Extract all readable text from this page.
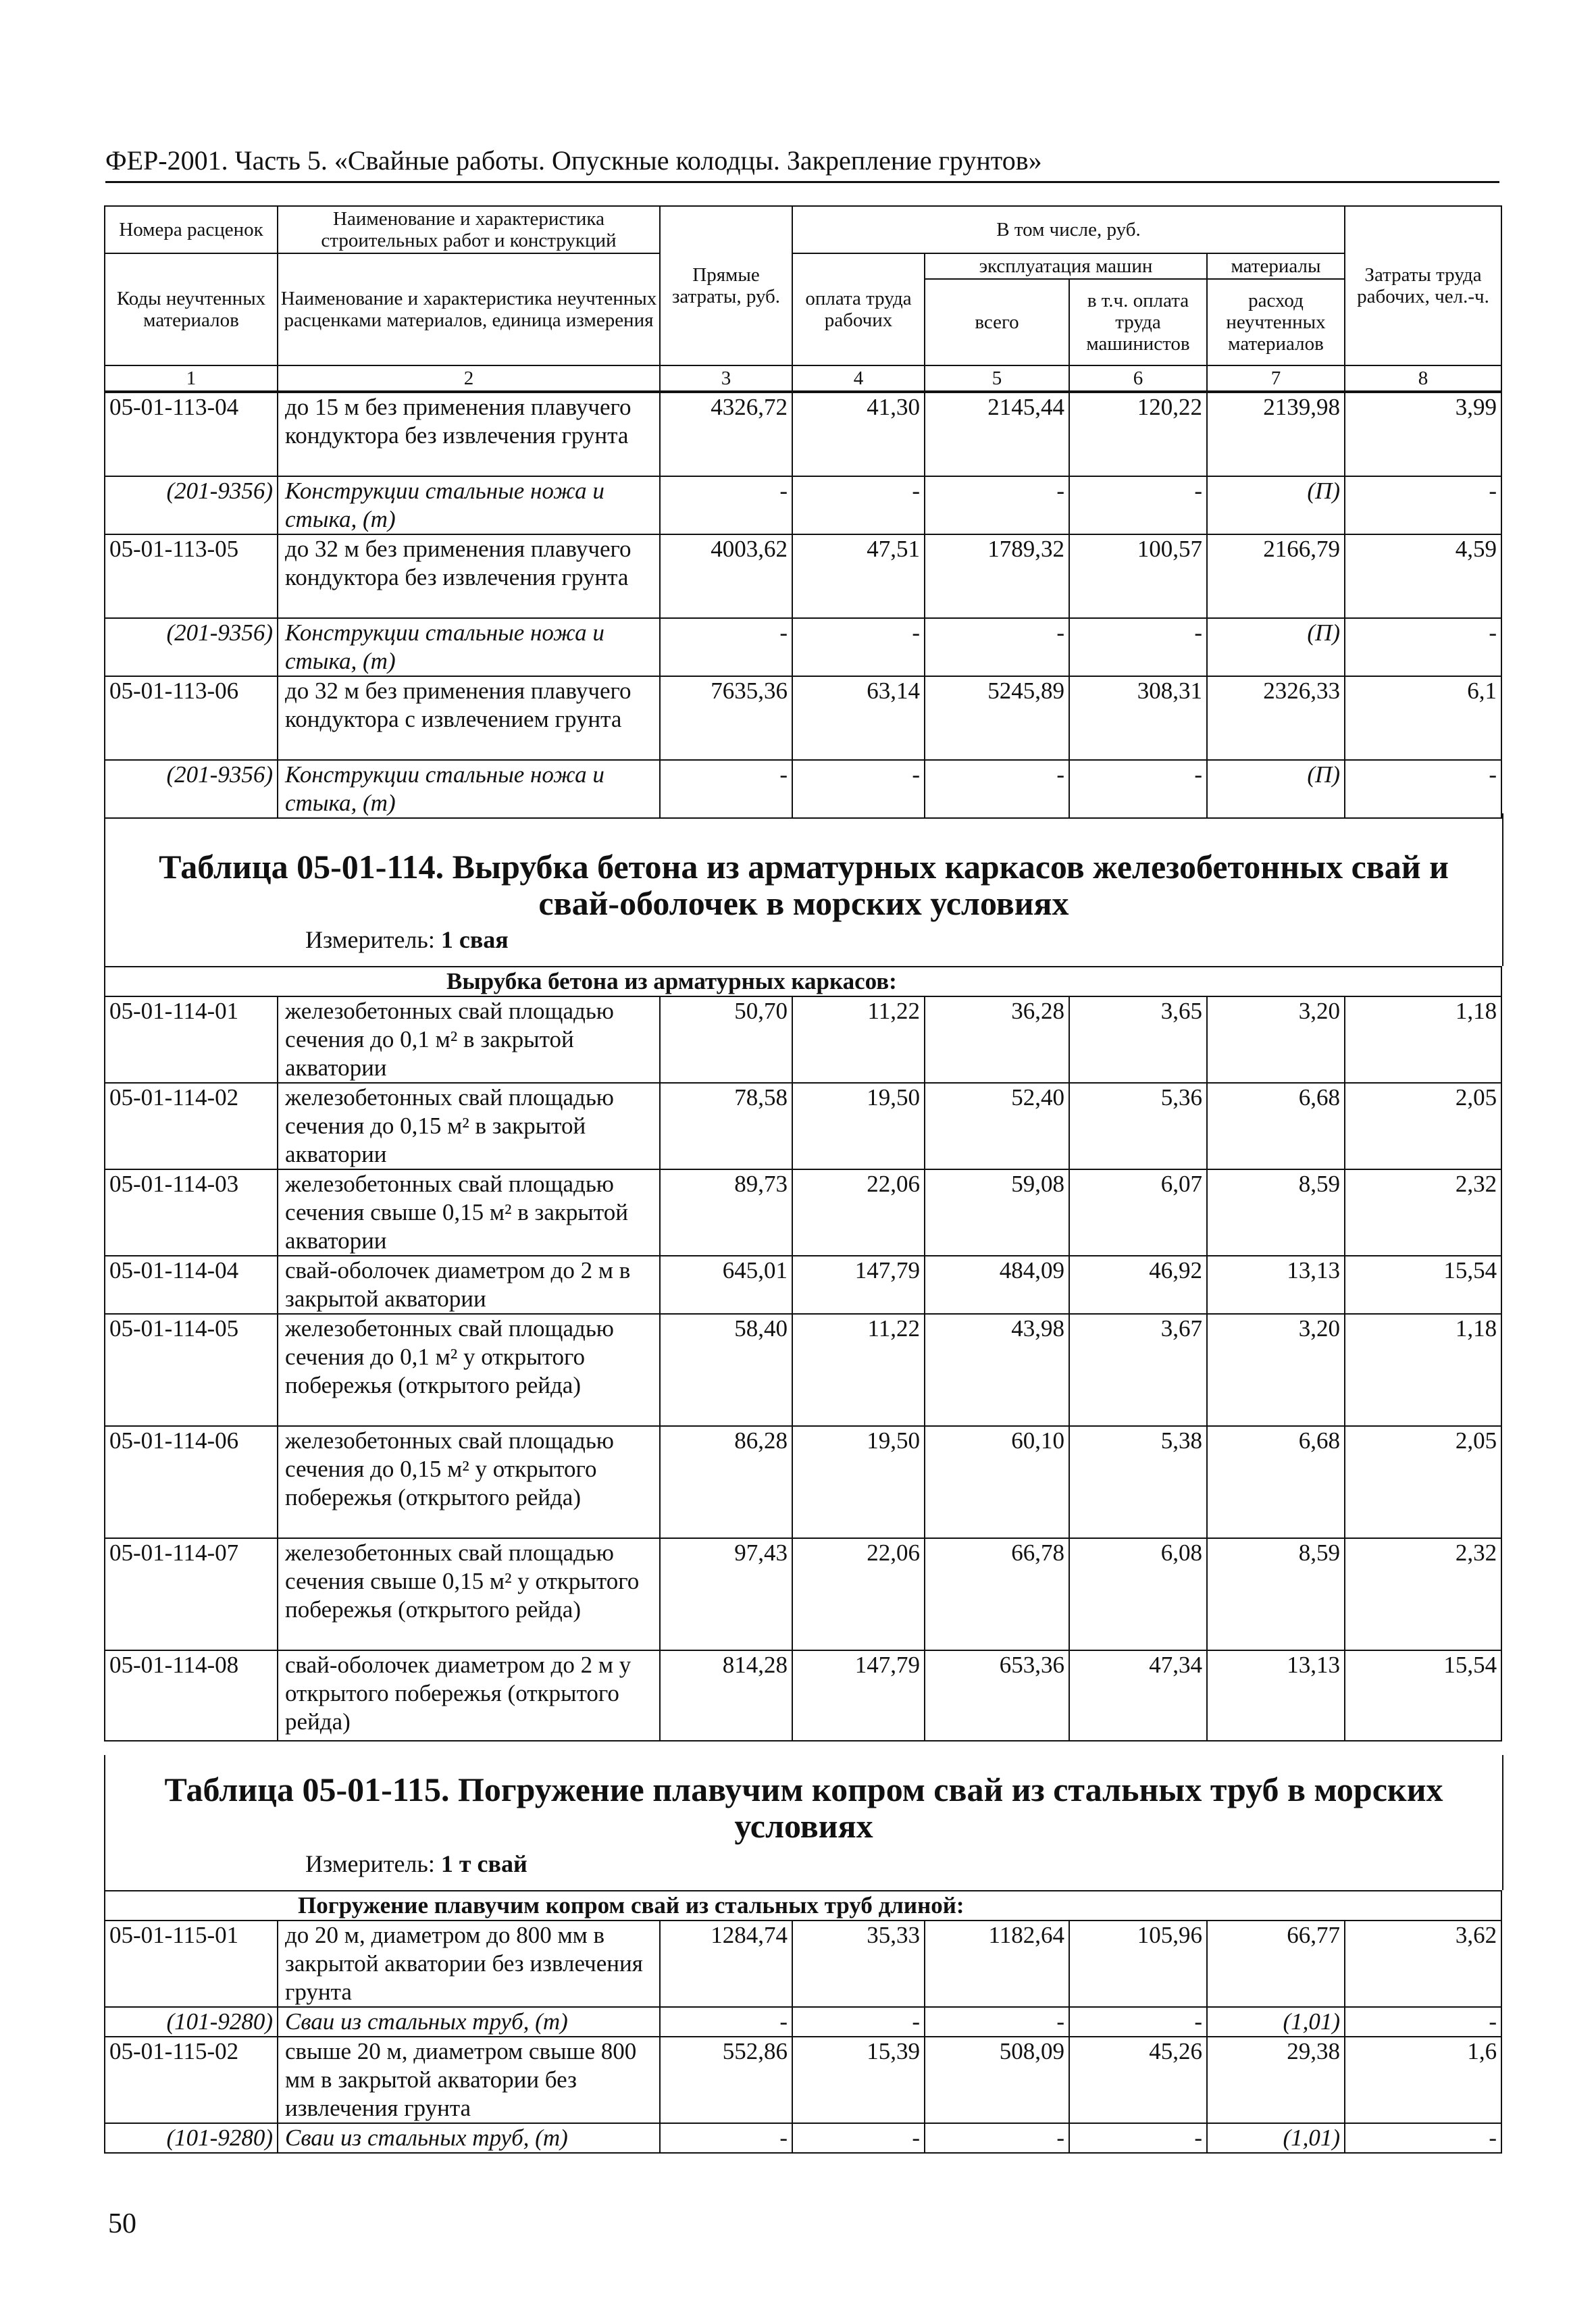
ФЕР-2001. Часть 5. «Свайные работы. Опускные колодцы. Закрепление грунтов»
Номера расценок	Наименование и характеристика строительных работ и конструкций	Прямые затраты, руб.	В том числе, руб.				Затраты труда рабочих, чел.-ч.
Коды неучтенных материалов	Наименование и характеристика неучтенных расценками материалов, единица измерения		оплата труда рабочих	эксплуатация машин		материалы	
				всего	в т.ч. оплата труда машинистов	расход неучтенных материалов	
1	2	3	4	5	6	7	8
05-01-113-04	до 15 м без применения плавучего кондуктора без извлечения грунта	4326,72	41,30	2145,44	120,22	2139,98	3,99
(201-9356)	Конструкции стальные ножа и стыка, (т)	-	-	-	-	(П)	-
05-01-113-05	до 32 м без применения плавучего кондуктора без извлечения грунта	4003,62	47,51	1789,32	100,57	2166,79	4,59
(201-9356)	Конструкции стальные ножа и стыка, (т)	-	-	-	-	(П)	-
05-01-113-06	до 32 м без применения плавучего кондуктора с извлечением грунта	7635,36	63,14	5245,89	308,31	2326,33	6,1
(201-9356)	Конструкции стальные ножа и стыка, (т)	-	-	-	-	(П)	-
Таблица 05-01-114. Вырубка бетона из арматурных каркасов железобетонных свай и свай-оболочек в морских условиях
Измеритель: 1 свая
	Вырубка бетона из арматурных каркасов:						
05-01-114-01	железобетонных свай площадью сечения до 0,1 м² в закрытой акватории	50,70	11,22	36,28	3,65	3,20	1,18
05-01-114-02	железобетонных свай площадью сечения до 0,15 м² в закрытой акватории	78,58	19,50	52,40	5,36	6,68	2,05
05-01-114-03	железобетонных свай площадью сечения свыше 0,15 м² в закрытой акватории	89,73	22,06	59,08	6,07	8,59	2,32
05-01-114-04	свай-оболочек диаметром до 2 м в закрытой акватории	645,01	147,79	484,09	46,92	13,13	15,54
05-01-114-05	железобетонных свай площадью сечения до 0,1 м² у открытого побережья (открытого рейда)	58,40	11,22	43,98	3,67	3,20	1,18
05-01-114-06	железобетонных свай площадью сечения до 0,15 м² у открытого побережья (открытого рейда)	86,28	19,50	60,10	5,38	6,68	2,05
05-01-114-07	железобетонных свай площадью сечения свыше 0,15 м² у открытого побережья (открытого рейда)	97,43	22,06	66,78	6,08	8,59	2,32
05-01-114-08	свай-оболочек диаметром до 2 м у открытого побережья (открытого рейда)	814,28	147,79	653,36	47,34	13,13	15,54
Таблица 05-01-115. Погружение плавучим копром свай из стальных труб в морских условиях
Измеритель: 1 т свай
	Погружение плавучим копром свай из стальных труб длиной:						
05-01-115-01	до 20 м, диаметром до 800 мм в закрытой акватории без извлечения грунта	1284,74	35,33	1182,64	105,96	66,77	3,62
(101-9280)	Сваи из стальных труб, (т)	-	-	-	-	(1,01)	-
05-01-115-02	свыше 20 м, диаметром свыше 800 мм в закрытой акватории без извлечения грунта	552,86	15,39	508,09	45,26	29,38	1,6
(101-9280)	Сваи из стальных труб, (т)	-	-	-	-	(1,01)	-
50
